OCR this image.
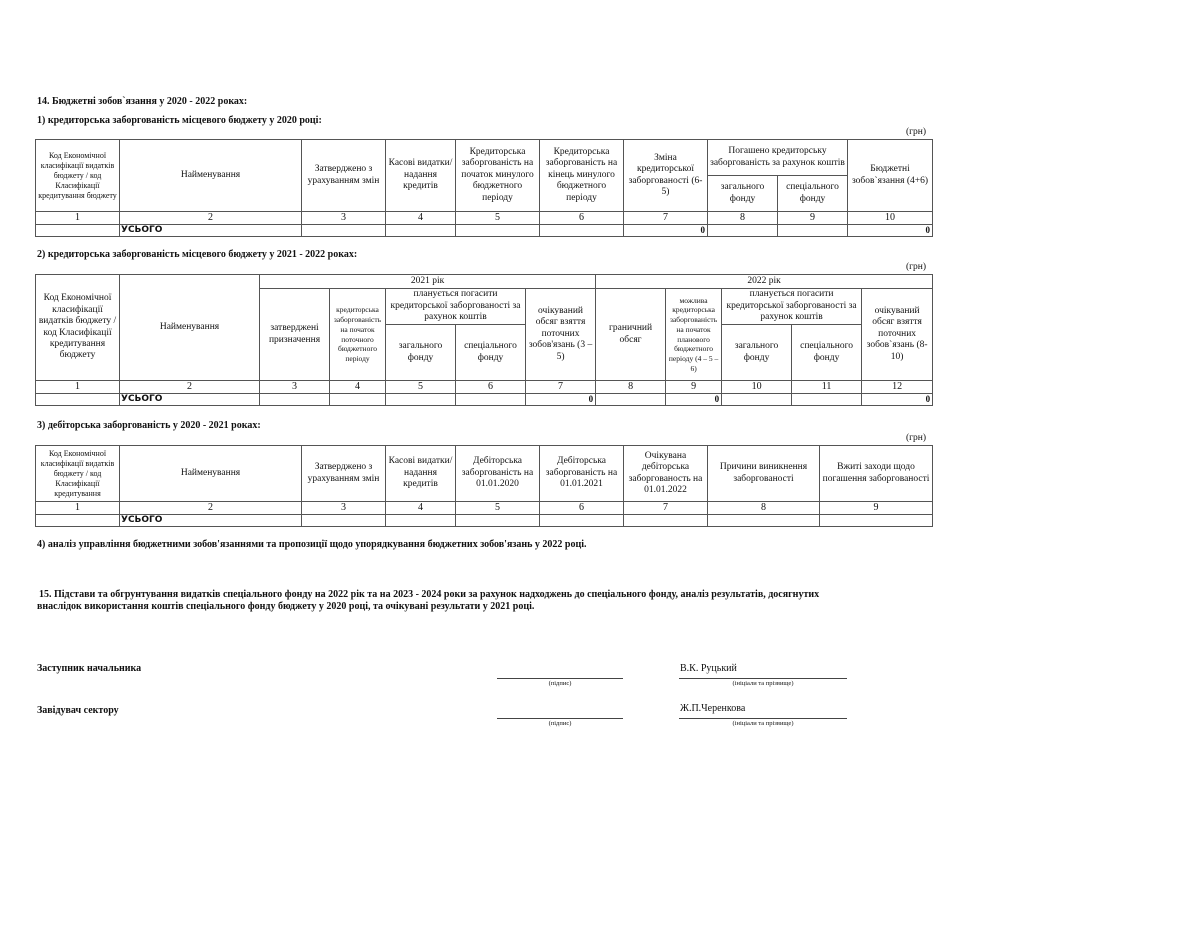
14. Бюджетні зобов`язання у 2020 - 2022 роках:
1) кредиторська заборгованість місцевого бюджету у 2020 році:
(грн)
Код Економічної класифікації видатків бюджету / код Класифікації кредитування бюджету	Найменування	Затверджено з урахуванням змін	Касові видатки/ надання кредитів	Кредиторська заборгованість на початок минулого бюджетного періоду	Кредиторська заборгованість на кінець минулого бюджетного періоду	Зміна кредиторської заборгованості (6-5)	Погашено кредиторську заборгованість за рахунок коштів		Бюджетні зобов`язання (4+6)
							загального фонду	спеціального фонду	
1	2	3	4	5	6	7	8	9	10
	УСЬОГО					0			0
2) кредиторська заборгованість місцевого бюджету у 2021 - 2022 роках:
(грн)
Код Економічної класифікації видатків бюджету / код Класифікації кредитування бюджету	Найменування	2021 рік					2022 рік				
		затверджені призначення	кредиторська заборгованість на початок поточного бюджетного періоду	планується погасити кредиторської заборгованості за рахунок коштів		очікуваний обсяг взяття поточних зобов'язань (3 – 5)	граничний обсяг	можлива кредиторська заборгованість на початок планового бюджетного періоду (4 – 5 – 6)	планується погасити кредиторської заборгованості за рахунок коштів		очікуваний обсяг взяття поточних зобов`язань (8-10)
				загального фонду	спеціального фонду				загального фонду	спеціального фонду	
1	2	3	4	5	6	7	8	9	10	11	12
	УСЬОГО					0		0			0
3) дебіторська заборгованість у 2020 - 2021 роках:
(грн)
Код Економічної класифікації видатків бюджету / код Класифікації кредитування	Найменування	Затверджено з урахуванням змін	Касові видатки/ надання кредитів	Дебіторська заборгованість на 01.01.2020	Дебіторська заборгованість на 01.01.2021	Очікувана дебіторська заборгованость на 01.01.2022	Причини виникнення заборгованості	Вжиті заходи щодо погашення заборгованості
1	2	3	4	5	6	7	8	9
	УСЬОГО							
4) аналіз управління бюджетними зобов'язаннями та пропозиції щодо упорядкування бюджетних зобов'язань у 2022 році.
15. Підстави та обгрунтування видатків спеціального фонду на 2022 рік та на 2023 - 2024 роки за рахунок надходжень до спеціального фонду, аналіз результатів, досягнутих
внаслідок використання коштів спеціального фонду бюджету у 2020 році, та очікувані результати у 2021 році.
Заступник начальника
(підпис)
В.К. Руцький
(ініціали та прізвище)
Завідувач сектору
(підпис)
Ж.П.Черенкова
(ініціали та прізвище)
